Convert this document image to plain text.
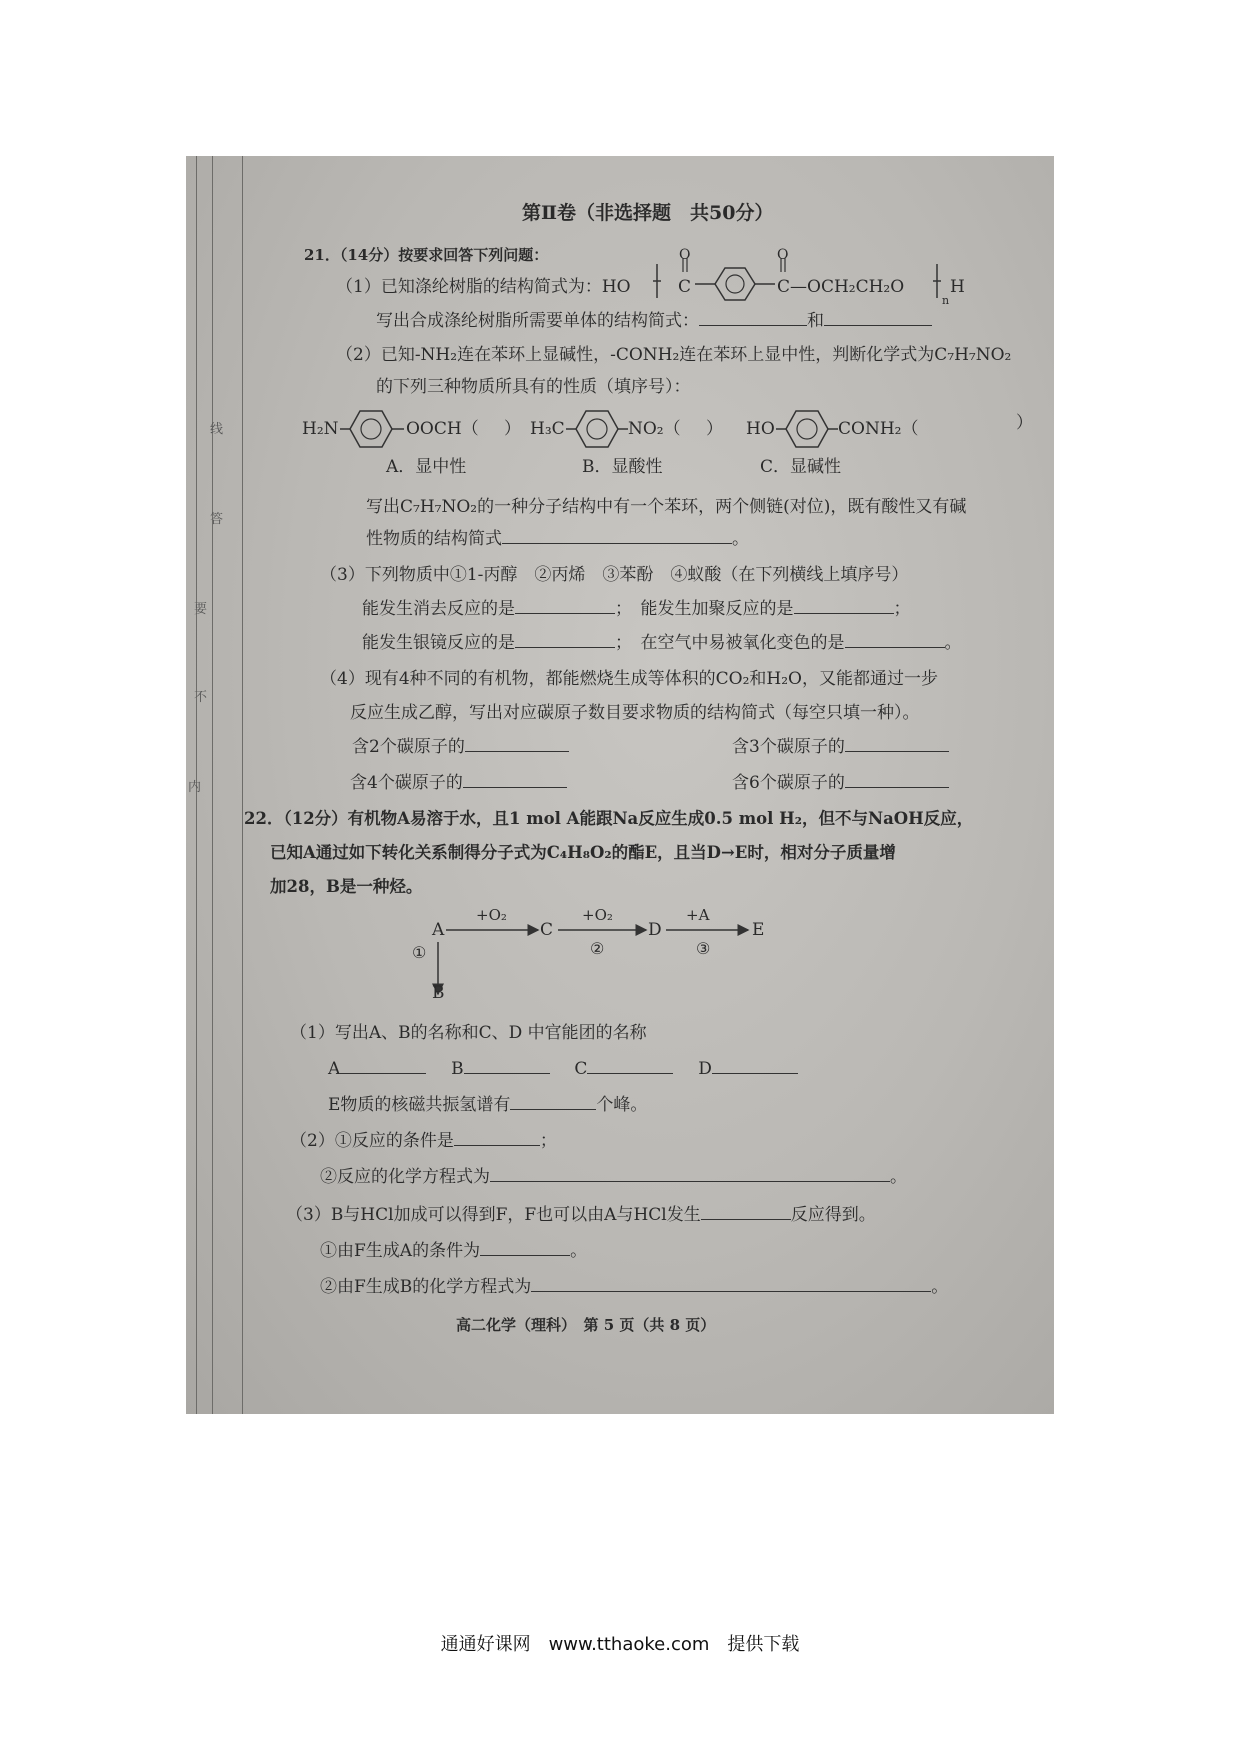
线
答
要
不
内
第Ⅱ卷（非选择题　共50分）
21．（14分）按要求回答下列问题：
（1）已知涤纶树脂的结构简式为：HO
O
C
O
C—OCH₂CH₂O
n
H
写出合成涤纶树脂所需要单体的结构简式：	和
（2）已知-NH₂连在苯环上显碱性，-CONH₂连在苯环上显中性，判断化学式为C₇H₇NO₂
的下列三种物质所具有的性质（填序号）：
H₂N	OOCH（ ） H₃C	NO₂（ ） HO	CONH₂（	）
A．显中性	B．显酸性	C．显碱性
写出C₇H₇NO₂的一种分子结构中有一个苯环，两个侧链(对位)，既有酸性又有碱
性物质的结构简式	。
（3）下列物质中①1-丙醇　②丙烯　③苯酚　④蚁酸（在下列横线上填序号）
能发生消去反应的是	；　能发生加聚反应的是	；
能发生银镜反应的是	；　在空气中易被氧化变色的是	。
（4）现有4种不同的有机物，都能燃烧生成等体积的CO₂和H₂O，又能都通过一步
反应生成乙醇，写出对应碳原子数目要求物质的结构简式（每空只填一种）。
含2个碳原子的	含3个碳原子的
含4个碳原子的	含6个碳原子的
22．（12分）有机物A易溶于水，且1 mol A能跟Na反应生成0.5 mol H₂，但不与NaOH反应，
已知A通过如下转化关系制得分子式为C₄H₈O₂的酯E，且当D→E时，相对分子质量增
加28，B是一种烃。
A
+O₂
C
+O₂
②
D
+A
③
E
①
B
（1）写出A、B的名称和C、D 中官能团的名称
A	B	C	D
E物质的核磁共振氢谱有	个峰。
（2）①反应的条件是	；
②反应的化学方程式为	。
（3）B与HCl加成可以得到F，F也可以由A与HCl发生	反应得到。
①由F生成A的条件为	。
②由F生成B的化学方程式为	。
高二化学（理科）　第 5 页（共 8 页）
通通好课网　www.tthaoke.com　提供下载
